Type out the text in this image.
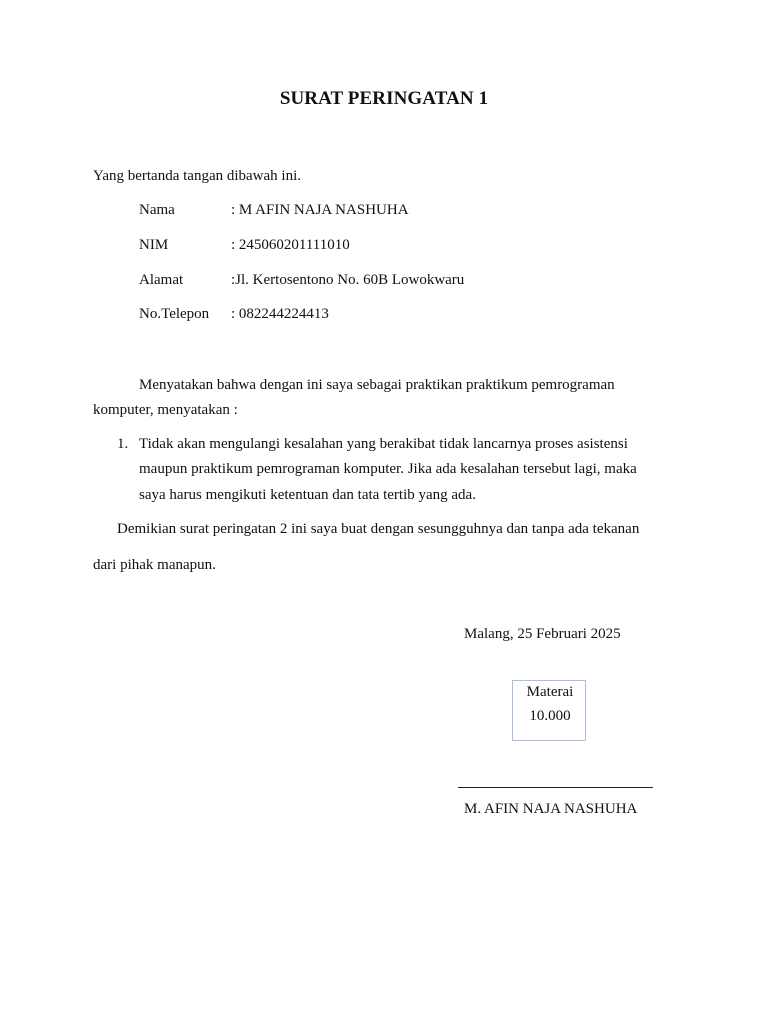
SURAT PERINGATAN 1
Yang bertanda tangan dibawah ini.
Nama	: M AFIN NAJA NASHUHA
NIM	: 245060201111010
Alamat	:Jl. Kertosentono No. 60B Lowokwaru
No.Telepon : 082244224413
Menyatakan bahwa dengan ini saya sebagai praktikan praktikum pemrograman
komputer, menyatakan :
1. Tidak akan mengulangi kesalahan yang berakibat tidak lancarnya proses asistensi
maupun praktikum pemrograman komputer. Jika ada kesalahan tersebut lagi, maka
saya harus mengikuti ketentuan dan tata tertib yang ada.
Demikian surat peringatan 2 ini saya buat dengan sesungguhnya dan tanpa ada tekanan
dari pihak manapun.
Malang, 25 Februari 2025
Materai
10.000
M. AFIN NAJA NASHUHA
